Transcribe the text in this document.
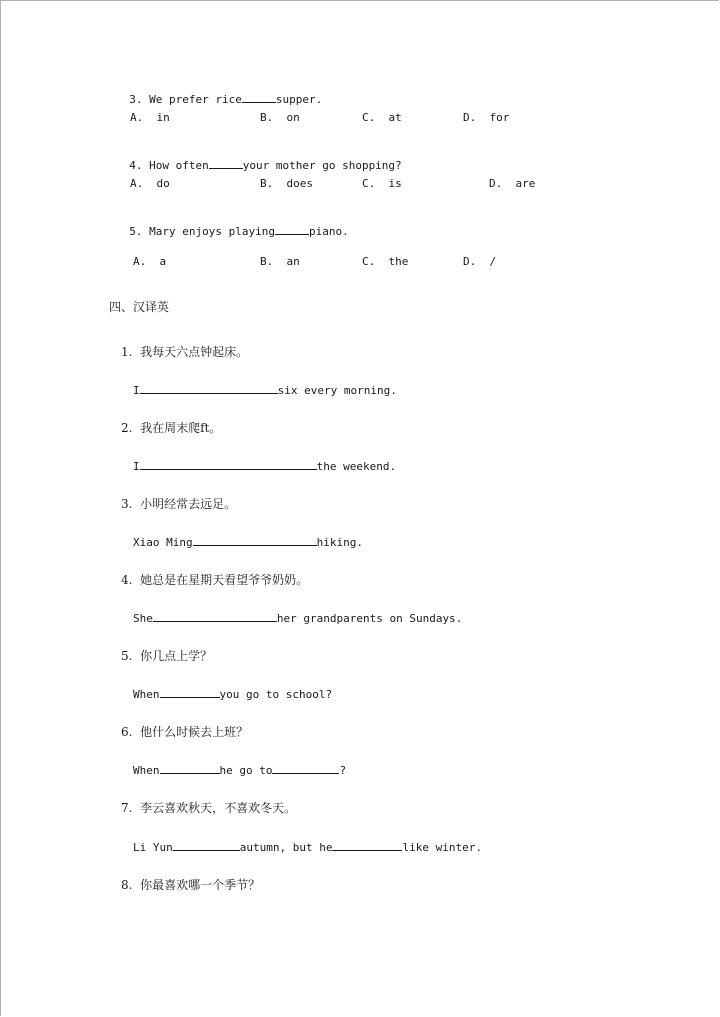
3. We prefer rice	supper.

A. in	B. on	C. at	D. for

4. How often	your mother go shopping?

A. do	B. does	C. is	D. are

5. Mary enjoys playing	piano.

A. a	B. an	C. the	D. /
四、汉译英
1. 我每天六点钟起床。
I	six every morning.
2. 我在周末爬ft。
I	the weekend.
3. 小明经常去远足。
Xiao Ming	hiking.
4. 她总是在星期天看望爷爷奶奶。
She	her grandparents on Sundays.
5. 你几点上学？
When	you go to school?
6. 他什么时候去上班？
When	he go to	?
7. 李云喜欢秋天，不喜欢冬天。
Li Yun	autumn, but he	like winter.
8. 你最喜欢哪一个季节？
